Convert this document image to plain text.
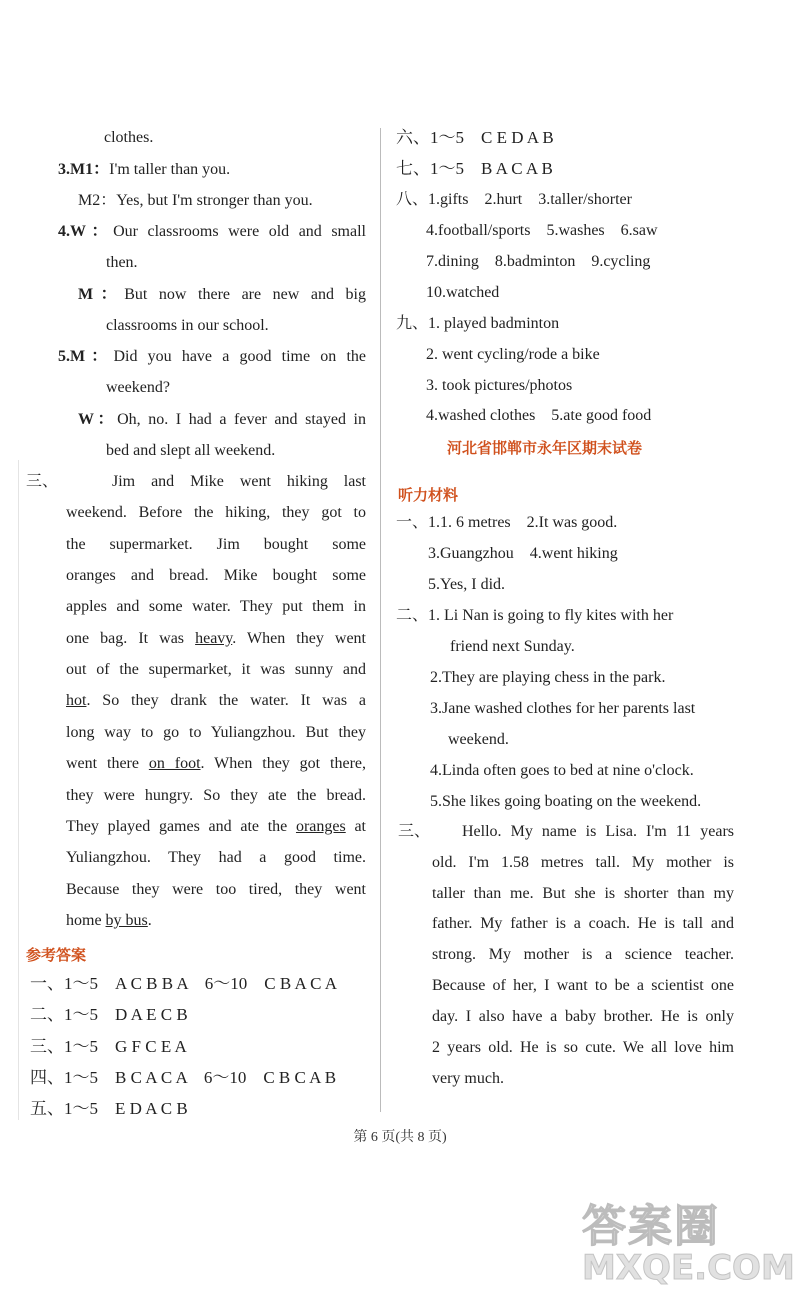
clothes.
3.M1：I'm taller than you.
M2：Yes, but I'm stronger than you.
4.W：Our classrooms were old and small
then.
M：But now there are new and big
classrooms in our school.
5.M：Did you have a good time on the
weekend?
W：Oh, no. I had a fever and stayed in
bed and slept all weekend.
三、	Jim and Mike went hiking last
weekend. Before the hiking, they got to
the supermarket. Jim bought some
oranges and bread. Mike bought some
apples and some water. They put them in
one bag. It was heavy. When they went
out of the supermarket, it was sunny and
hot. So they drank the water. It was a
long way to go to Yuliangzhou. But they
went there on foot. When they got there,
they were hungry. So they ate the bread.
They played games and ate the oranges at
Yuliangzhou. They had a good time.
Because they were too tired, they went
home by bus.
参考答案
一、1～5　A C B B A　6～10　C B A C A
二、1～5　D A E C B
三、1～5　G F C E A
四、1～5　B C A C A　6～10　C B C A B
五、1～5　E D A C B
六、1～5　C E D A B
七、1～5　B A C A B
八、1.gifts　2.hurt　3.taller/shorter
4.football/sports　5.washes　6.saw
7.dining　8.badminton　9.cycling
10.watched
九、1. played badminton
2. went cycling/rode a bike
3. took pictures/photos
4.washed clothes　5.ate good food
河北省邯郸市永年区期末试卷
听力材料
一、1.1. 6 metres　2.It was good.
3.Guangzhou　4.went hiking
5.Yes, I did.
二、1. Li Nan is going to fly kites with her
friend next Sunday.
2.They are playing chess in the park.
3.Jane washed clothes for her parents last
weekend.
4.Linda often goes to bed at nine o'clock.
5.She likes going boating on the weekend.
三、 Hello. My name is Lisa. I'm 11 years
old. I'm 1.58 metres tall. My mother is
taller than me. But she is shorter than my
father. My father is a coach. He is tall and
strong. My mother is a science teacher.
Because of her, I want to be a scientist one
day. I also have a baby brother. He is only
2 years old. He is so cute. We all love him
very much.
第 6 页(共 8 页)
答案圈
MXQE.COM
